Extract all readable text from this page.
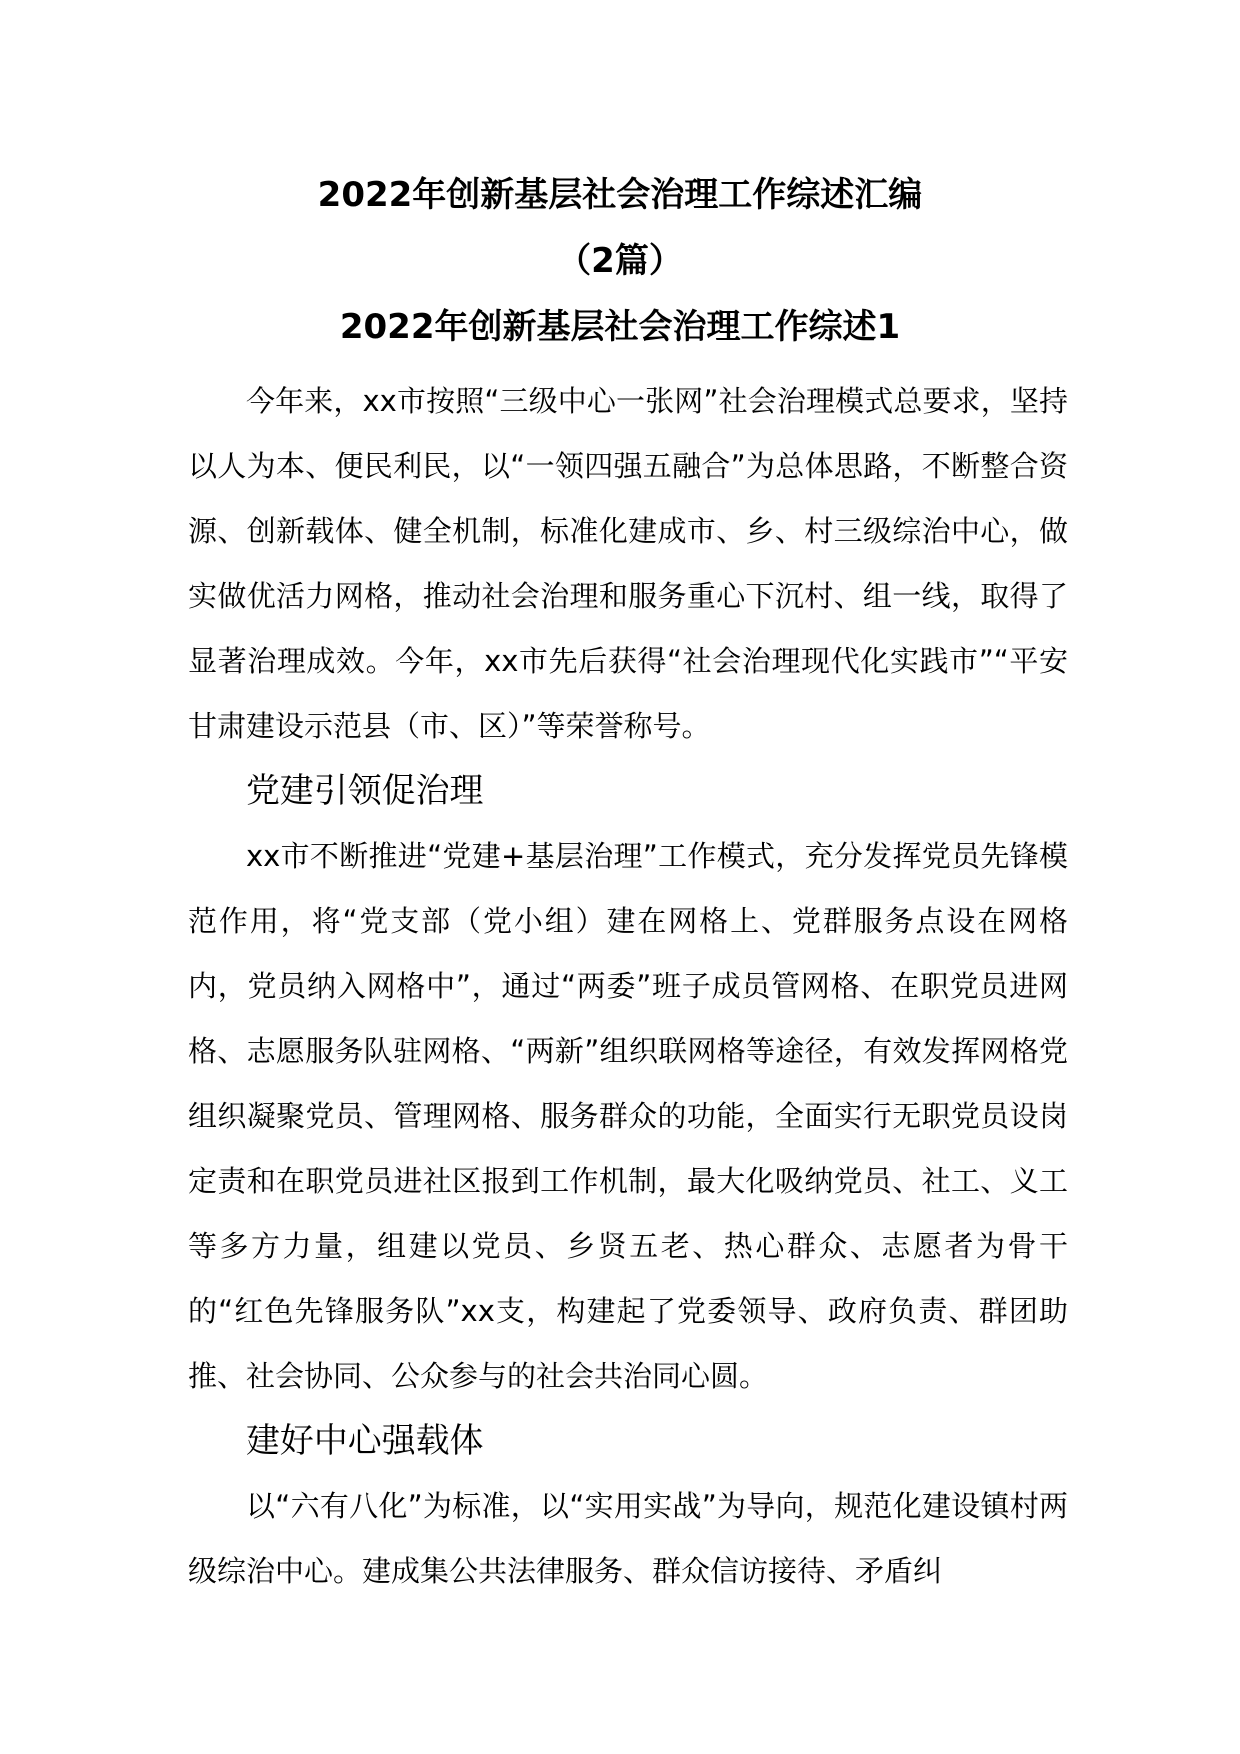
2022年创新基层社会治理工作综述汇编
（2篇）
2022年创新基层社会治理工作综述1

今年来，xx市按照“三级中心一张网”社会治理模式总要求，坚持以人为本、便民利民，以“一领四强五融合”为总体思路，不断整合资源、创新载体、健全机制，标准化建成市、乡、村三级综治中心，做实做优活力网格，推动社会治理和服务重心下沉村、组一线，取得了显著治理成效。今年，xx市先后获得“社会治理现代化实践市”“平安甘肃建设示范县（市、区）”等荣誉称号。

党建引领促治理

xx市不断推进“党建+基层治理”工作模式，充分发挥党员先锋模范作用，将“党支部（党小组）建在网格上、党群服务点设在网格内，党员纳入网格中”，通过“两委”班子成员管网格、在职党员进网格、志愿服务队驻网格、“两新”组织联网格等途径，有效发挥网格党组织凝聚党员、管理网格、服务群众的功能，全面实行无职党员设岗定责和在职党员进社区报到工作机制，最大化吸纳党员、社工、义工等多方力量，组建以党员、乡贤五老、热心群众、志愿者为骨干的“红色先锋服务队”xx支，构建起了党委领导、政府负责、群团助推、社会协同、公众参与的社会共治同心圆。

建好中心强载体

以“六有八化”为标准，以“实用实战”为导向，规范化建设镇村两级综治中心。建成集公共法律服务、群众信访接待、矛盾纠
